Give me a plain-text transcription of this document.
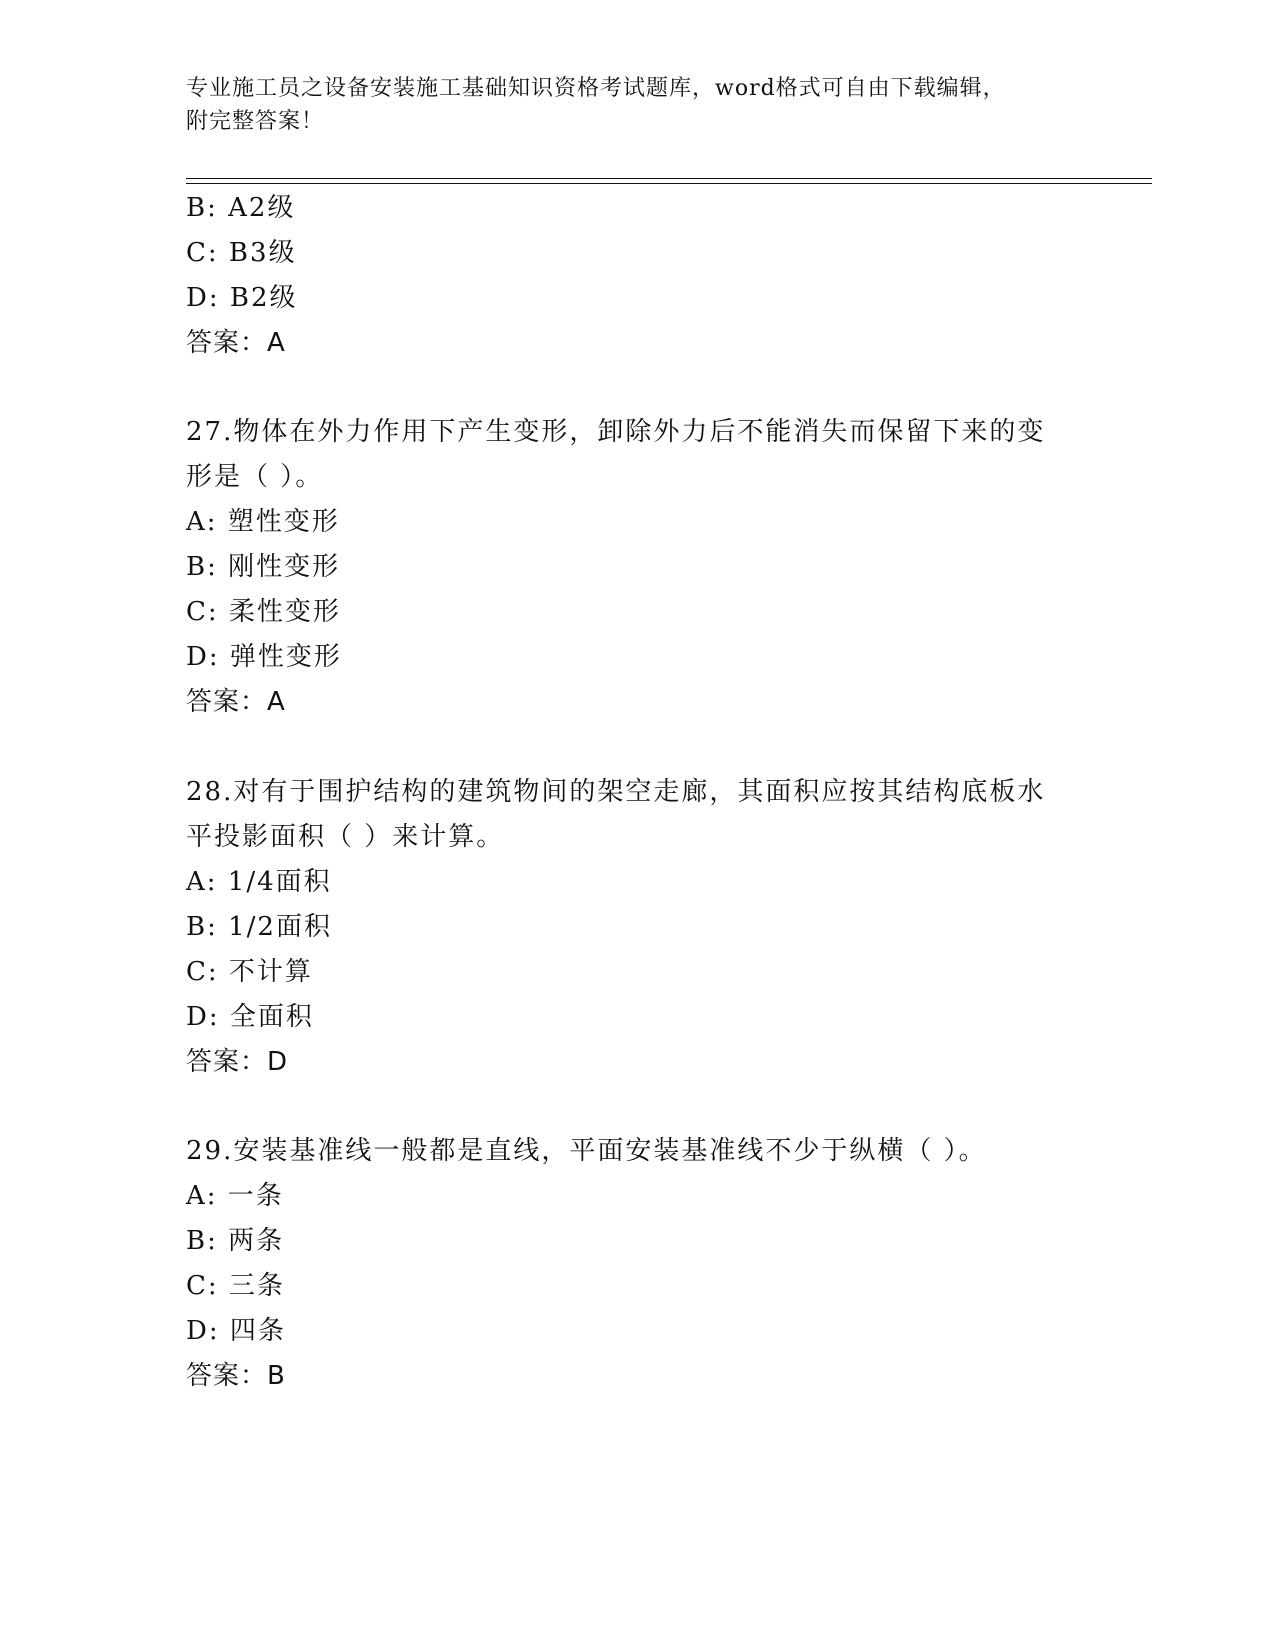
专业施工员之设备安装施工基础知识资格考试题库，word格式可自由下载编辑，
附完整答案！
B: A2级
C: B3级
D: B2级
答案：A
27.物体在外力作用下产生变形，卸除外力后不能消失而保留下来的变
形是（ ）。
A: 塑性变形
B: 刚性变形
C: 柔性变形
D: 弹性变形
答案：A
28.对有于围护结构的建筑物间的架空走廊，其面积应按其结构底板水
平投影面积（ ）来计算。
A: 1/4面积
B: 1/2面积
C: 不计算
D: 全面积
答案：D
29.安装基准线一般都是直线，平面安装基准线不少于纵横（ ）。
A: 一条
B: 两条
C: 三条
D: 四条
答案：B
